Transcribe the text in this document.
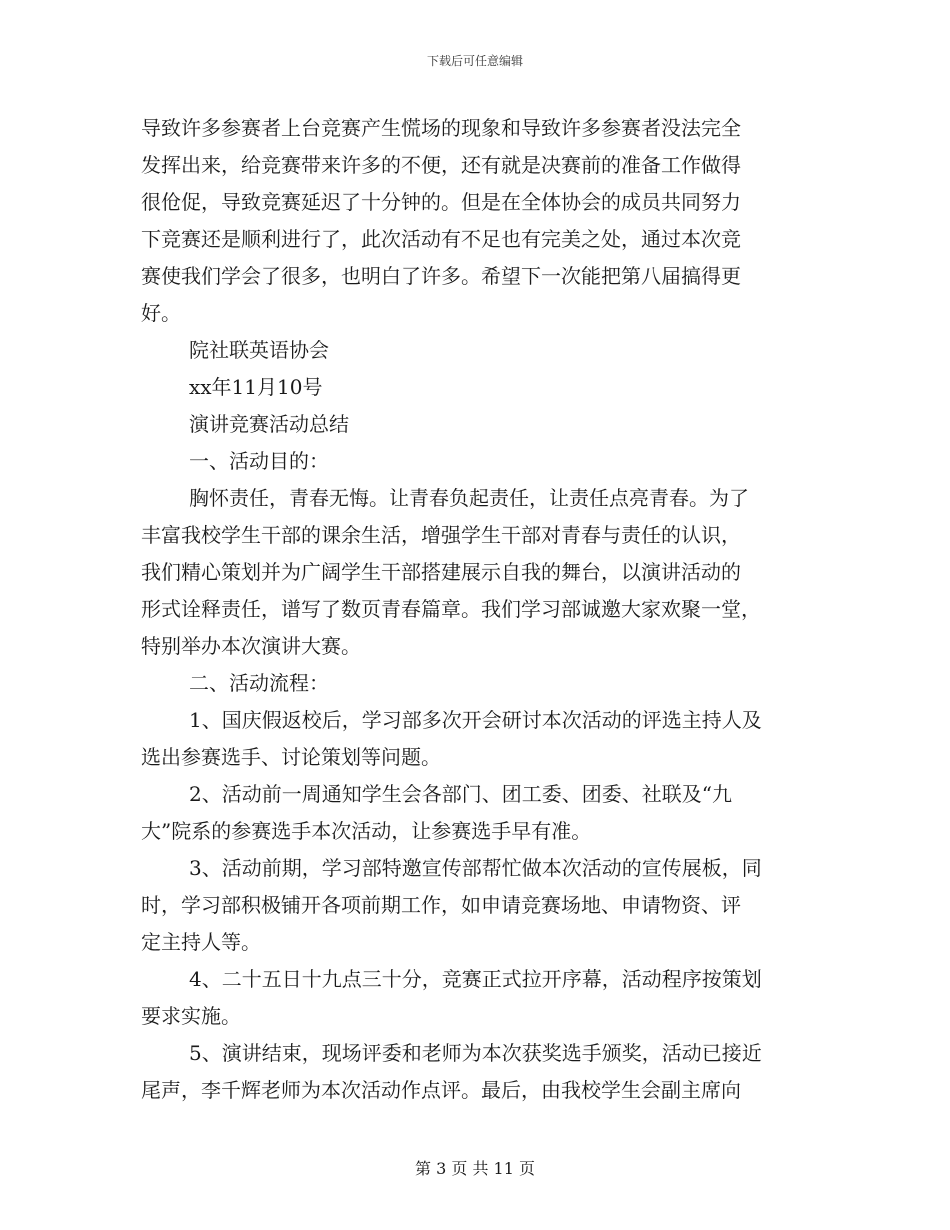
下载后可任意编辑
导致许多参赛者上台竞赛产生慌场的现象和导致许多参赛者没法完全
发挥出来，给竞赛带来许多的不便，还有就是决赛前的准备工作做得
很伧促，导致竞赛延迟了十分钟的。但是在全体协会的成员共同努力
下竞赛还是顺利进行了，此次活动有不足也有完美之处，通过本次竞
赛使我们学会了很多，也明白了许多。希望下一次能把第八届搞得更
好。
院社联英语协会
xx年11月10号
演讲竞赛活动总结
一、活动目的：
胸怀责任，青春无悔。让青春负起责任，让责任点亮青春。为了
丰富我校学生干部的课余生活，增强学生干部对青春与责任的认识，
我们精心策划并为广阔学生干部搭建展示自我的舞台，以演讲活动的
形式诠释责任，谱写了数页青春篇章。我们学习部诚邀大家欢聚一堂，
特别举办本次演讲大赛。
二、活动流程：
1、国庆假返校后，学习部多次开会研讨本次活动的评选主持人及
选出参赛选手、讨论策划等问题。
2、活动前一周通知学生会各部门、团工委、团委、社联及“九
大”院系的参赛选手本次活动，让参赛选手早有准。
3、活动前期，学习部特邀宣传部帮忙做本次活动的宣传展板，同
时，学习部积极铺开各项前期工作，如申请竞赛场地、申请物资、评
定主持人等。
4、二十五日十九点三十分，竞赛正式拉开序幕，活动程序按策划
要求实施。
5、演讲结束，现场评委和老师为本次获奖选手颁奖，活动已接近
尾声，李千辉老师为本次活动作点评。最后，由我校学生会副主席向
第 3 页 共 11 页
